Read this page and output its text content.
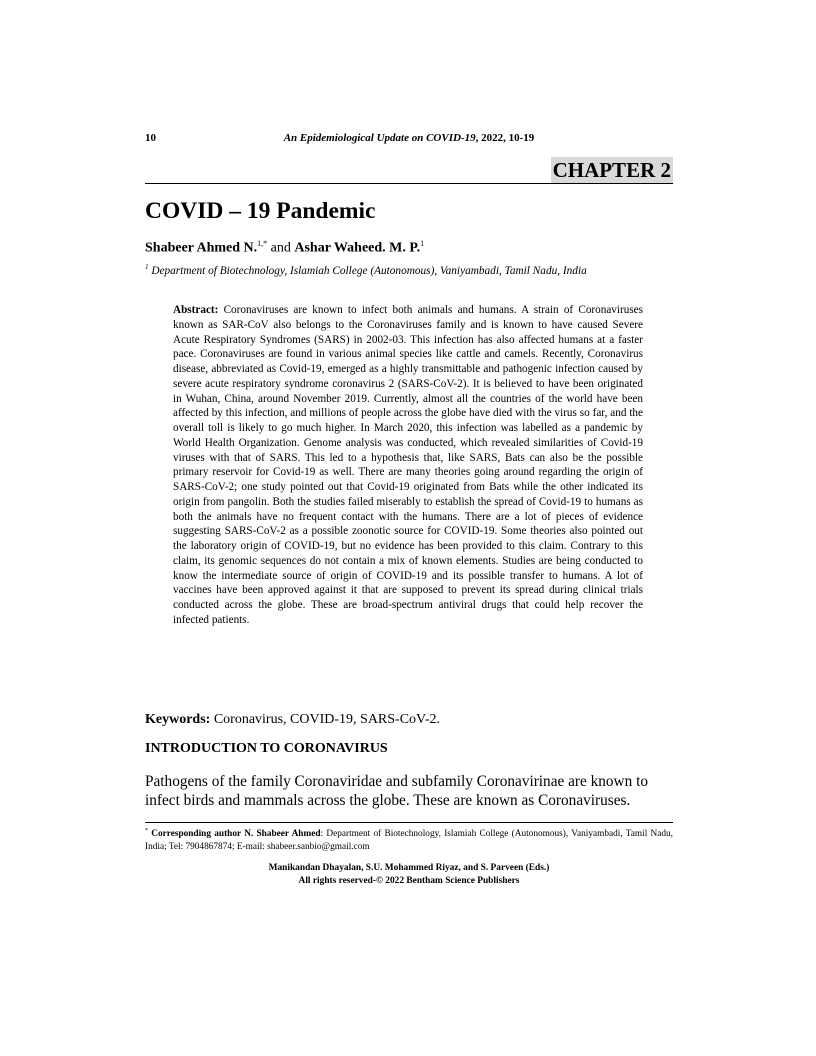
10	An Epidemiological Update on COVID-19, 2022, 10-19
CHAPTER 2
COVID – 19 Pandemic
Shabeer Ahmed N.$^{1,*}$ and Ashar Waheed. M. P.$^1$
$^1$ Department of Biotechnology, Islamiah College (Autonomous), Vaniyambadi, Tamil Nadu, India
Abstract: Coronaviruses are known to infect both animals and humans. A strain of Coronaviruses known as SAR-CoV also belongs to the Coronaviruses family and is known to have caused Severe Acute Respiratory Syndromes (SARS) in 2002-03. This infection has also affected humans at a faster pace. Coronaviruses are found in various animal species like cattle and camels. Recently, Coronavirus disease, abbreviated as Covid-19, emerged as a highly transmittable and pathogenic infection caused by severe acute respiratory syndrome coronavirus 2 (SARS-CoV-2). It is believed to have been originated in Wuhan, China, around November 2019. Currently, almost all the countries of the world have been affected by this infection, and millions of people across the globe have died with the virus so far, and the overall toll is likely to go much higher. In March 2020, this infection was labelled as a pandemic by World Health Organization. Genome analysis was conducted, which revealed similarities of Covid-19 viruses with that of SARS. This led to a hypothesis that, like SARS, Bats can also be the possible primary reservoir for Covid-19 as well. There are many theories going around regarding the origin of SARS-CoV-2; one study pointed out that Covid-19 originated from Bats while the other indicated its origin from pangolin. Both the studies failed miserably to establish the spread of Covid-19 to humans as both the animals have no frequent contact with the humans. There are a lot of pieces of evidence suggesting SARS-CoV-2 as a possible zoonotic source for COVID-19. Some theories also pointed out the laboratory origin of COVID-19, but no evidence has been provided to this claim. Contrary to this claim, its genomic sequences do not contain a mix of known elements. Studies are being conducted to know the intermediate source of origin of COVID-19 and its possible transfer to humans. A lot of vaccines have been approved against it that are supposed to prevent its spread during clinical trials conducted across the globe. These are broad-spectrum antiviral drugs that could help recover the infected patients.
Keywords: Coronavirus, COVID-19, SARS-CoV-2.
INTRODUCTION TO CORONAVIRUS
Pathogens of the family Coronaviridae and subfamily Coronavirinae are known to infect birds and mammals across the globe. These are known as Coronaviruses.
* Corresponding author N. Shabeer Ahmed: Department of Biotechnology, Islamiah College (Autonomous), Vaniyambadi, Tamil Nadu, India; Tel: 7904867874; E-mail: shabeer.sanbio@gmail.com
Manikandan Dhayalan, S.U. Mohammed Riyaz, and S. Parveen (Eds.)
All rights reserved-© 2022 Bentham Science Publishers
